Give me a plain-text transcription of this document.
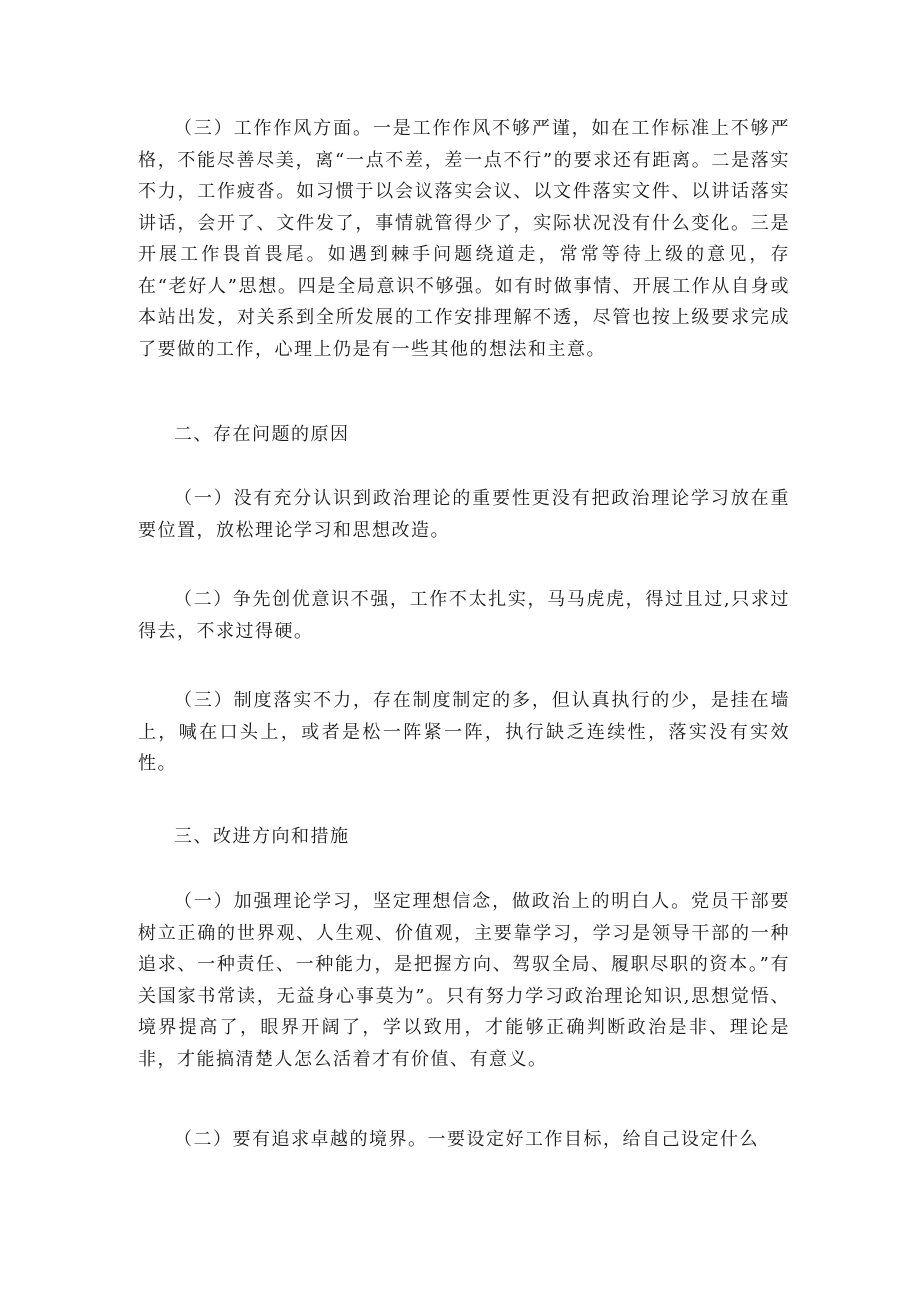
（三）工作作风方面。一是工作作风不够严谨，如在工作标准上不够严格，不能尽善尽美，离“一点不差，差一点不行”的要求还有距离。二是落实不力，工作疲沓。如习惯于以会议落实会议、以文件落实文件、以讲话落实讲话，会开了、文件发了，事情就管得少了，实际状况没有什么变化。三是开展工作畏首畏尾。如遇到棘手问题绕道走，常常等待上级的意见，存在“老好人”思想。四是全局意识不够强。如有时做事情、开展工作从自身或本站出发，对关系到全所发展的工作安排理解不透，尽管也按上级要求完成了要做的工作，心理上仍是有一些其他的想法和主意。

二、存在问题的原因

（一）没有充分认识到政治理论的重要性更没有把政治理论学习放在重要位置，放松理论学习和思想改造。

（二）争先创优意识不强，工作不太扎实，马马虎虎，得过且过,只求过得去，不求过得硬。

（三）制度落实不力，存在制度制定的多，但认真执行的少，是挂在墙上，喊在口头上，或者是松一阵紧一阵，执行缺乏连续性，落实没有实效性。

三、改进方向和措施

（一）加强理论学习，坚定理想信念，做政治上的明白人。党员干部要树立正确的世界观、人生观、价值观，主要靠学习，学习是领导干部的一种追求、一种责任、一种能力，是把握方向、驾驭全局、履职尽职的资本。”有关国家书常读，无益身心事莫为”。只有努力学习政治理论知识,思想觉悟、境界提高了，眼界开阔了，学以致用，才能够正确判断政治是非、理论是非，才能搞清楚人怎么活着才有价值、有意义。

（二）要有追求卓越的境界。一要设定好工作目标，给自己设定什么
